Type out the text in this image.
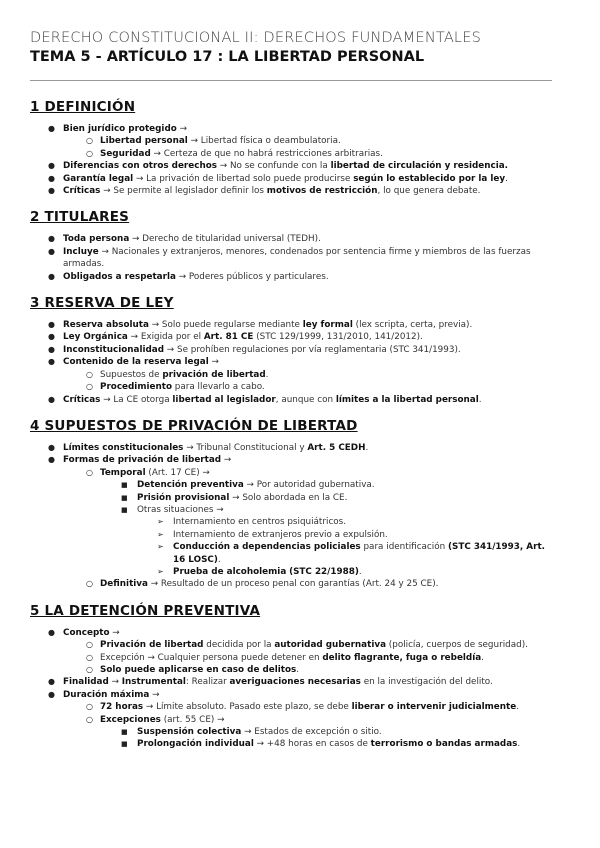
DERECHO CONSTITUCIONAL II: DERECHOS FUNDAMENTALES
TEMA 5 - ARTÍCULO 17 : LA LIBERTAD PERSONAL
1 DEFINICIÓN
● Bien jurídico protegido →
○ Libertad personal → Libertad física o deambulatoria.
○ Seguridad → Certeza de que no habrá restricciones arbitrarias.
● Diferencias con otros derechos → No se confunde con la libertad de circulación y residencia.
● Garantía legal → La privación de libertad solo puede producirse según lo establecido por la ley.
● Críticas → Se permite al legislador definir los motivos de restricción, lo que genera debate.
2 TITULARES
● Toda persona → Derecho de titularidad universal (TEDH).
● Incluye → Nacionales y extranjeros, menores, condenados por sentencia firme y miembros de las fuerzas armadas.
● Obligados a respetarla → Poderes públicos y particulares.
3 RESERVA DE LEY
● Reserva absoluta → Solo puede regularse mediante ley formal (lex scripta, certa, previa).
● Ley Orgánica → Exigida por el Art. 81 CE (STC 129/1999, 131/2010, 141/2012).
● Inconstitucionalidad → Se prohíben regulaciones por vía reglamentaria (STC 341/1993).
● Contenido de la reserva legal →
○ Supuestos de privación de libertad.
○ Procedimiento para llevarlo a cabo.
● Críticas → La CE otorga libertad al legislador, aunque con límites a la libertad personal.
4 SUPUESTOS DE PRIVACIÓN DE LIBERTAD
● Límites constitucionales → Tribunal Constitucional y Art. 5 CEDH.
● Formas de privación de libertad →
○ Temporal (Art. 17 CE) →
■ Detención preventiva → Por autoridad gubernativa.
■ Prisión provisional → Solo abordada en la CE.
■ Otras situaciones →
➢ Internamiento en centros psiquiátricos.
➢ Internamiento de extranjeros previo a expulsión.
➢ Conducción a dependencias policiales para identificación (STC 341/1993, Art. 16 LOSC).
➢ Prueba de alcoholemia (STC 22/1988).
○ Definitiva → Resultado de un proceso penal con garantías (Art. 24 y 25 CE).
5 LA DETENCIÓN PREVENTIVA
● Concepto →
○ Privación de libertad decidida por la autoridad gubernativa (policía, cuerpos de seguridad).
○ Excepción → Cualquier persona puede detener en delito flagrante, fuga o rebeldía.
○ Solo puede aplicarse en caso de delitos.
● Finalidad → Instrumental: Realizar averiguaciones necesarias en la investigación del delito.
● Duración máxima →
○ 72 horas → Límite absoluto. Pasado este plazo, se debe liberar o intervenir judicialmente.
○ Excepciones (art. 55 CE) →
■ Suspensión colectiva → Estados de excepción o sitio.
■ Prolongación individual → +48 horas en casos de terrorismo o bandas armadas.
